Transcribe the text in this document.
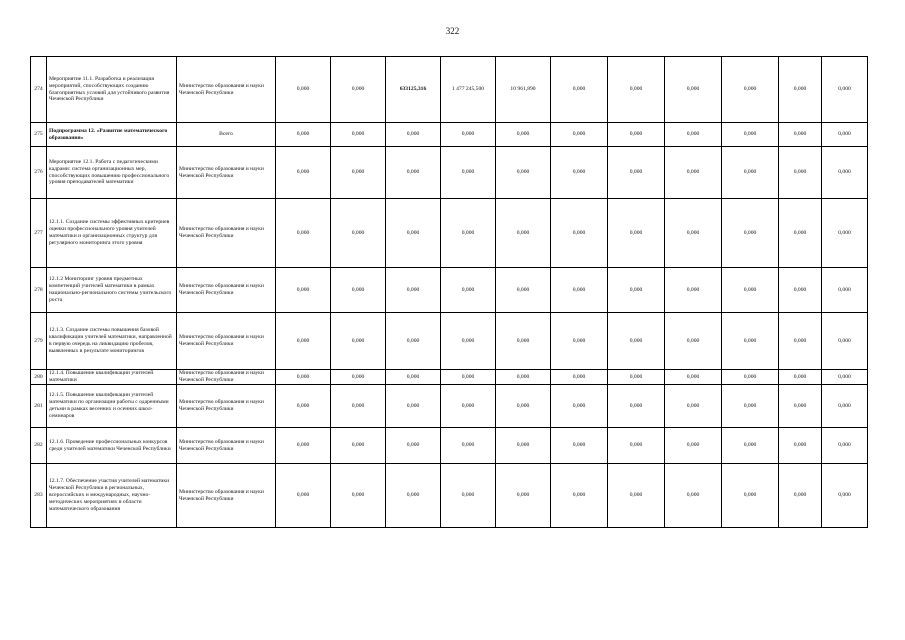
322
274	Мероприятие 11.1. Разработка и реализация мероприятий, способствующих созданию благоприятных условий для устойчивого развития Чеченской Республики	Министерство образования и науки Чеченской Республики	0,000	0,000	633125,316	1 477 245,500	10 961,890	0,000	0,000	0,000	0,000	0,000	0,000
275	Подпрограмма 12. «Развитие математического образования»	Всего	0,000	0,000	0,000	0,000	0,000	0,000	0,000	0,000	0,000	0,000	0,000
276	Мероприятие 12.1. Работа с педагогическими кадрами: система организационных мер, способствующих повышению профессионального уровня преподавателей математики	Министерство образования и науки Чеченской Республики	0,000	0,000	0,000	0,000	0,000	0,000	0,000	0,000	0,000	0,000	0,000
277	12.1.1. Создание системы эффективных критериев оценки профессионального уровня учителей математики и организационных структур для регулярного мониторинга этого уровня	Министерство образования и науки Чеченской Республики	0,000	0,000	0,000	0,000	0,000	0,000	0,000	0,000	0,000	0,000	0,000
278	12.1.2 Мониторинг уровня предметных компетенций учителей математики в рамках национально-регионального системы учительского роста	Министерство образования и науки Чеченской Республики	0,000	0,000	0,000	0,000	0,000	0,000	0,000	0,000	0,000	0,000	0,000
279	12.1.3. Создание системы повышения базовой квалификации учителей математики, направленной в первую очередь на ликвидацию пробелов, выявленных в результате мониторингов	Министерство образования и науки Чеченской Республики	0,000	0,000	0,000	0,000	0,000	0,000	0,000	0,000	0,000	0,000	0,000
280	12.1.4. Повышение квалификации учителей математики	Министерство образования и науки Чеченской Республики	0,000	0,000	0,000	0,000	0,000	0,000	0,000	0,000	0,000	0,000	0,000
281	12.1.5. Повышение квалификации учителей математики по организации работы с одаренными детьми в рамках весенних и осенних школ-семинаров	Министерство образования и науки Чеченской Республики	0,000	0,000	0,000	0,000	0,000	0,000	0,000	0,000	0,000	0,000	0,000
282	12.1.6. Проведение профессиональных конкурсов среди учителей математики Чеченской Республики	Министерство образования и науки Чеченской Республики	0,000	0,000	0,000	0,000	0,000	0,000	0,000	0,000	0,000	0,000	0,000
283	12.1.7. Обеспечение участия учителей математики Чеченской Республики в региональных, всероссийских и международных, научно-методических мероприятиях в области математического образования	Министерство образования и науки Чеченской Республики	0,000	0,000	0,000	0,000	0,000	0,000	0,000	0,000	0,000	0,000	0,000
